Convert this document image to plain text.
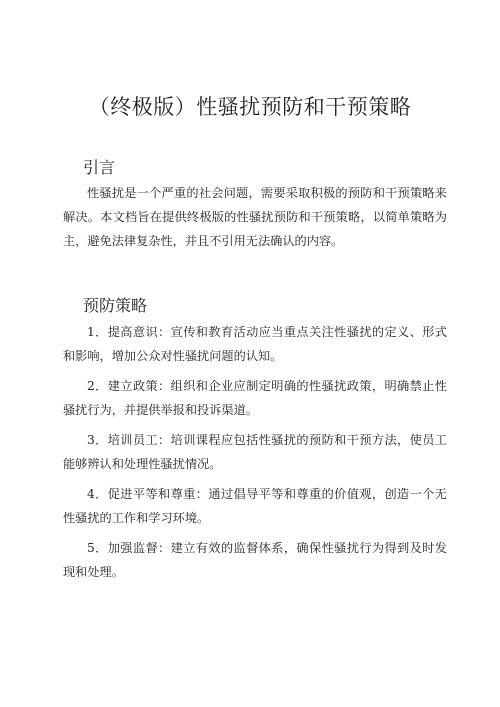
（终极版）性骚扰预防和干预策略
引言

性骚扰是一个严重的社会问题，需要采取积极的预防和干预策略来解决。本文档旨在提供终极版的性骚扰预防和干预策略，以简单策略为主，避免法律复杂性，并且不引用无法确认的内容。

预防策略

1．提高意识：宣传和教育活动应当重点关注性骚扰的定义、形式和影响，增加公众对性骚扰问题的认知。

2．建立政策：组织和企业应制定明确的性骚扰政策，明确禁止性骚扰行为，并提供举报和投诉渠道。

3．培训员工：培训课程应包括性骚扰的预防和干预方法，使员工能够辨认和处理性骚扰情况。

4．促进平等和尊重：通过倡导平等和尊重的价值观，创造一个无性骚扰的工作和学习环境。

5．加强监督：建立有效的监督体系，确保性骚扰行为得到及时发现和处理。
